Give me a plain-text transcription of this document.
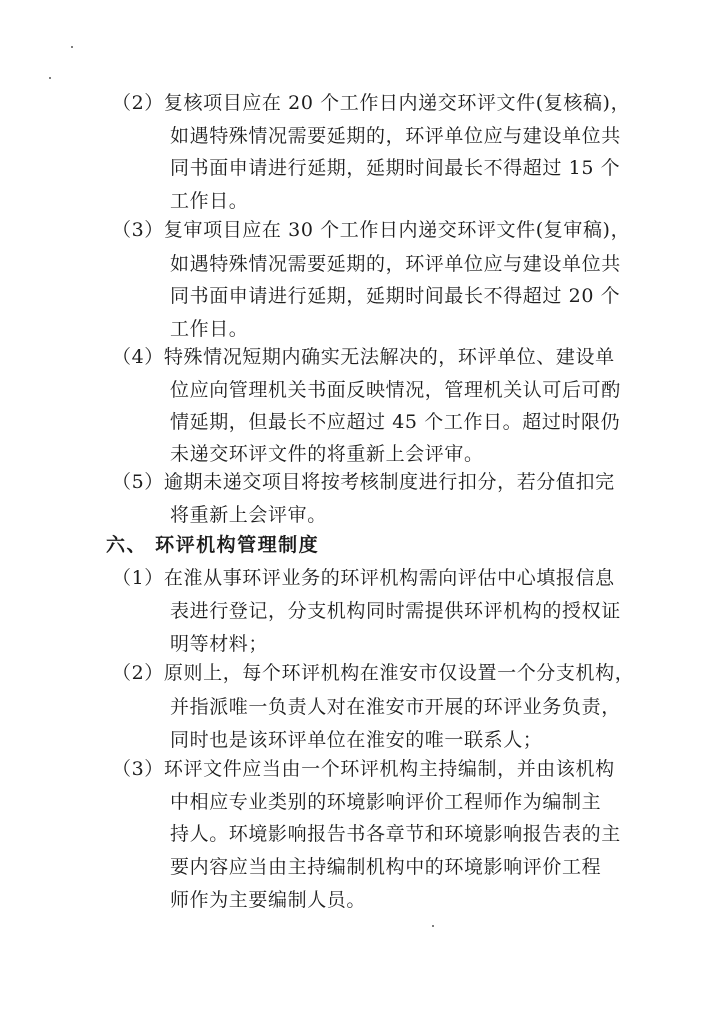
（2）复核项目应在 20 个工作日内递交环评文件(复核稿)，
如遇特殊情况需要延期的，环评单位应与建设单位共
同书面申请进行延期，延期时间最长不得超过 15 个
工作日。
（3）复审项目应在 30 个工作日内递交环评文件(复审稿)，
如遇特殊情况需要延期的，环评单位应与建设单位共
同书面申请进行延期，延期时间最长不得超过 20 个
工作日。
（4）特殊情况短期内确实无法解决的，环评单位、建设单
位应向管理机关书面反映情况，管理机关认可后可酌
情延期，但最长不应超过 45 个工作日。超过时限仍
未递交环评文件的将重新上会评审。
（5）逾期未递交项目将按考核制度进行扣分，若分值扣完
将重新上会评审。
六、 环评机构管理制度
（1）在淮从事环评业务的环评机构需向评估中心填报信息
表进行登记，分支机构同时需提供环评机构的授权证
明等材料；
（2）原则上，每个环评机构在淮安市仅设置一个分支机构，
并指派唯一负责人对在淮安市开展的环评业务负责，
同时也是该环评单位在淮安的唯一联系人；
（3）环评文件应当由一个环评机构主持编制，并由该机构
中相应专业类别的环境影响评价工程师作为编制主
持人。环境影响报告书各章节和环境影响报告表的主
要内容应当由主持编制机构中的环境影响评价工程
师作为主要编制人员。
